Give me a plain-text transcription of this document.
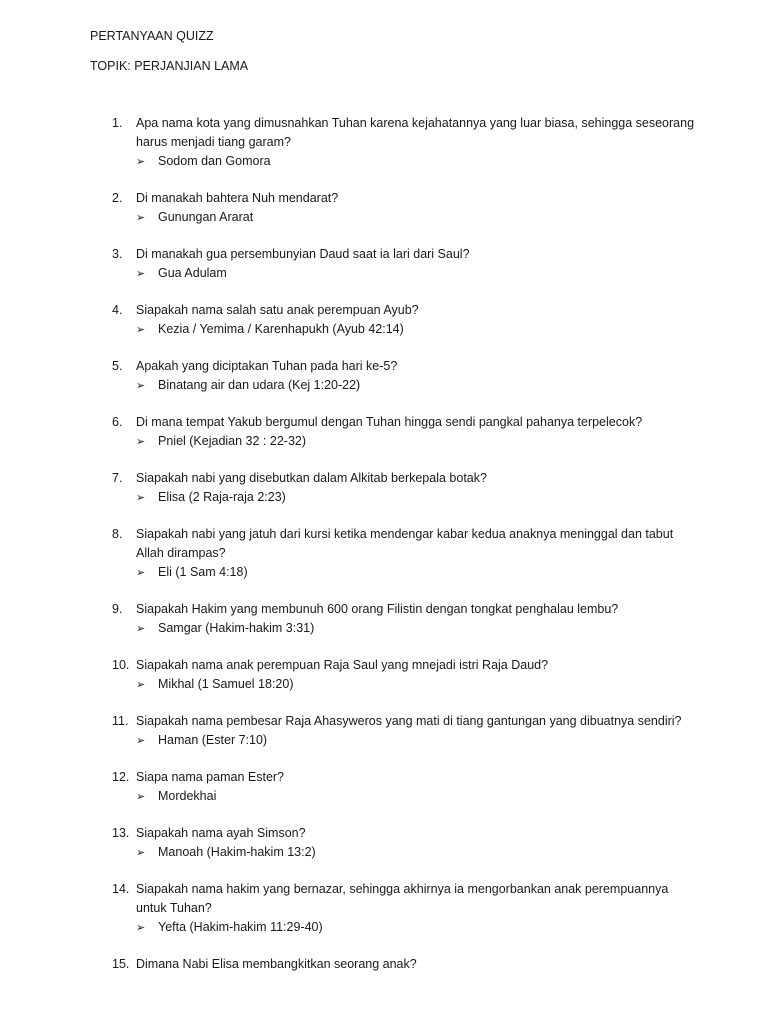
PERTANYAAN QUIZZ
TOPIK: PERJANJIAN LAMA
1.	Apa nama kota yang dimusnahkan Tuhan karena kejahatannya yang luar biasa, sehingga seseorang harus menjadi tiang garam?
➢ Sodom dan Gomora
2.	Di manakah bahtera Nuh mendarat?
➢ Gunungan Ararat
3.	Di manakah gua persembunyian Daud saat ia lari dari Saul?
➢ Gua Adulam
4.	Siapakah nama salah satu anak perempuan Ayub?
➢ Kezia / Yemima / Karenhapukh (Ayub 42:14)
5.	Apakah yang diciptakan Tuhan pada hari ke-5?
➢ Binatang air dan udara (Kej 1:20-22)
6.	Di mana tempat Yakub bergumul dengan Tuhan hingga sendi pangkal pahanya terpelecok?
➢ Pniel (Kejadian 32 : 22-32)
7.	Siapakah nabi yang disebutkan dalam Alkitab berkepala botak?
➢ Elisa (2 Raja-raja 2:23)
8.	Siapakah nabi yang jatuh dari kursi ketika mendengar kabar kedua anaknya meninggal dan tabut Allah dirampas?
➢ Eli (1 Sam 4:18)
9.	Siapakah Hakim yang membunuh 600 orang Filistin dengan tongkat penghalau lembu?
➢ Samgar (Hakim-hakim 3:31)
10. Siapakah nama anak perempuan Raja Saul yang mnejadi istri Raja Daud?
➢ Mikhal (1 Samuel 18:20)
11. Siapakah nama pembesar Raja Ahasyweros yang mati di tiang gantungan yang dibuatnya sendiri?
➢ Haman (Ester 7:10)
12. Siapa nama paman Ester?
➢ Mordekhai
13. Siapakah nama ayah Simson?
➢ Manoah (Hakim-hakim 13:2)
14. Siapakah nama hakim yang bernazar, sehingga akhirnya ia mengorbankan anak perempuannya untuk Tuhan?
➢ Yefta (Hakim-hakim 11:29-40)
15. Dimana Nabi Elisa membangkitkan seorang anak?
